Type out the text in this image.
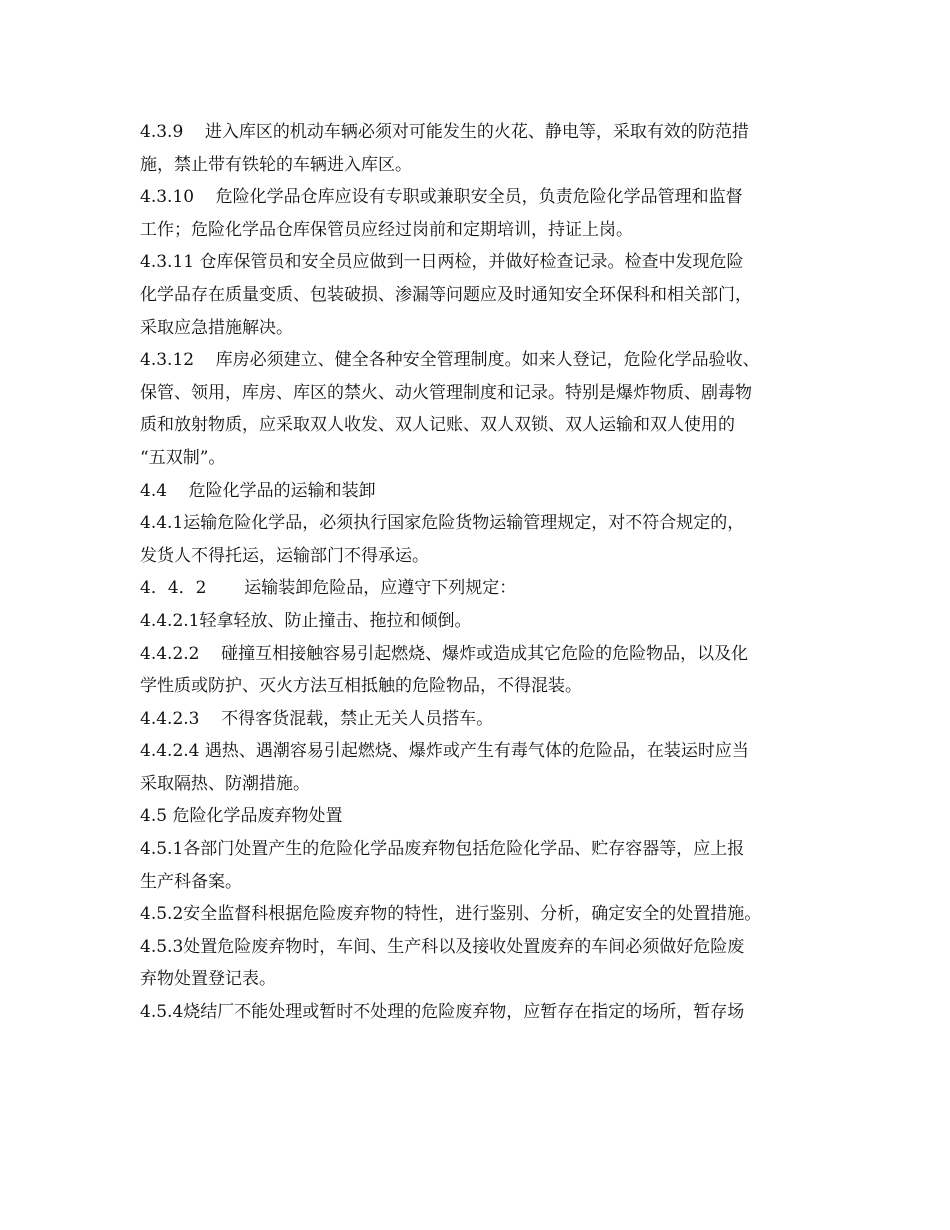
4.3.9    进入库区的机动车辆必须对可能发生的火花、静电等，采取有效的防范措
施，禁止带有铁轮的车辆进入库区。
4.3.10    危险化学品仓库应设有专职或兼职安全员，负责危险化学品管理和监督
工作；危险化学品仓库保管员应经过岗前和定期培训，持证上岗。
4.3.11 仓库保管员和安全员应做到一日两检，并做好检查记录。检查中发现危险
化学品存在质量变质、包装破损、渗漏等问题应及时通知安全环保科和相关部门，
采取应急措施解决。
4.3.12    库房必须建立、健全各种安全管理制度。如来人登记，危险化学品验收、
保管、领用，库房、库区的禁火、动火管理制度和记录。特别是爆炸物质、剧毒物
质和放射物质，应采取双人收发、双人记账、双人双锁、双人运输和双人使用的
“五双制”。
4.4    危险化学品的运输和装卸
4.4.1运输危险化学品，必须执行国家危险货物运输管理规定，对不符合规定的，
发货人不得托运，运输部门不得承运。
4．4．2       运输装卸危险品，应遵守下列规定：
4.4.2.1轻拿轻放、防止撞击、拖拉和倾倒。
4.4.2.2    碰撞互相接触容易引起燃烧、爆炸或造成其它危险的危险物品，以及化
学性质或防护、灭火方法互相抵触的危险物品，不得混装。
4.4.2.3    不得客货混载，禁止无关人员搭车。
4.4.2.4 遇热、遇潮容易引起燃烧、爆炸或产生有毒气体的危险品，在装运时应当
采取隔热、防潮措施。
4.5 危险化学品废弃物处置
4.5.1各部门处置产生的危险化学品废弃物包括危险化学品、贮存容器等，应上报
生产科备案。
4.5.2安全监督科根据危险废弃物的特性，进行鉴别、分析，确定安全的处置措施。
4.5.3处置危险废弃物时，车间、生产科以及接收处置废弃的车间必须做好危险废
弃物处置登记表。
4.5.4烧结厂不能处理或暂时不处理的危险废弃物，应暂存在指定的场所，暂存场
